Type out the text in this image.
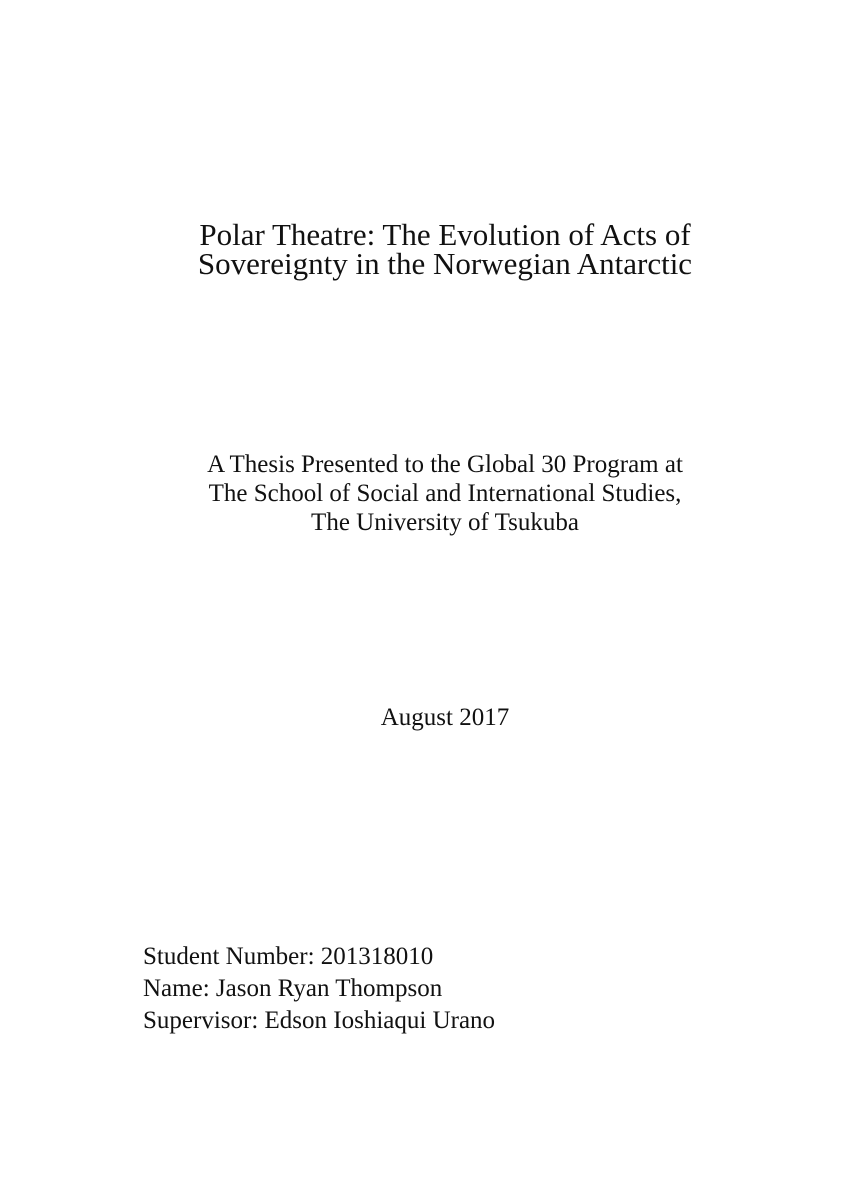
Polar Theatre: The Evolution of Acts of
Sovereignty in the Norwegian Antarctic
A Thesis Presented to the Global 30 Program at
The School of Social and International Studies,
The University of Tsukuba
August 2017
Student Number: 201318010
Name: Jason Ryan Thompson
Supervisor: Edson Ioshiaqui Urano
